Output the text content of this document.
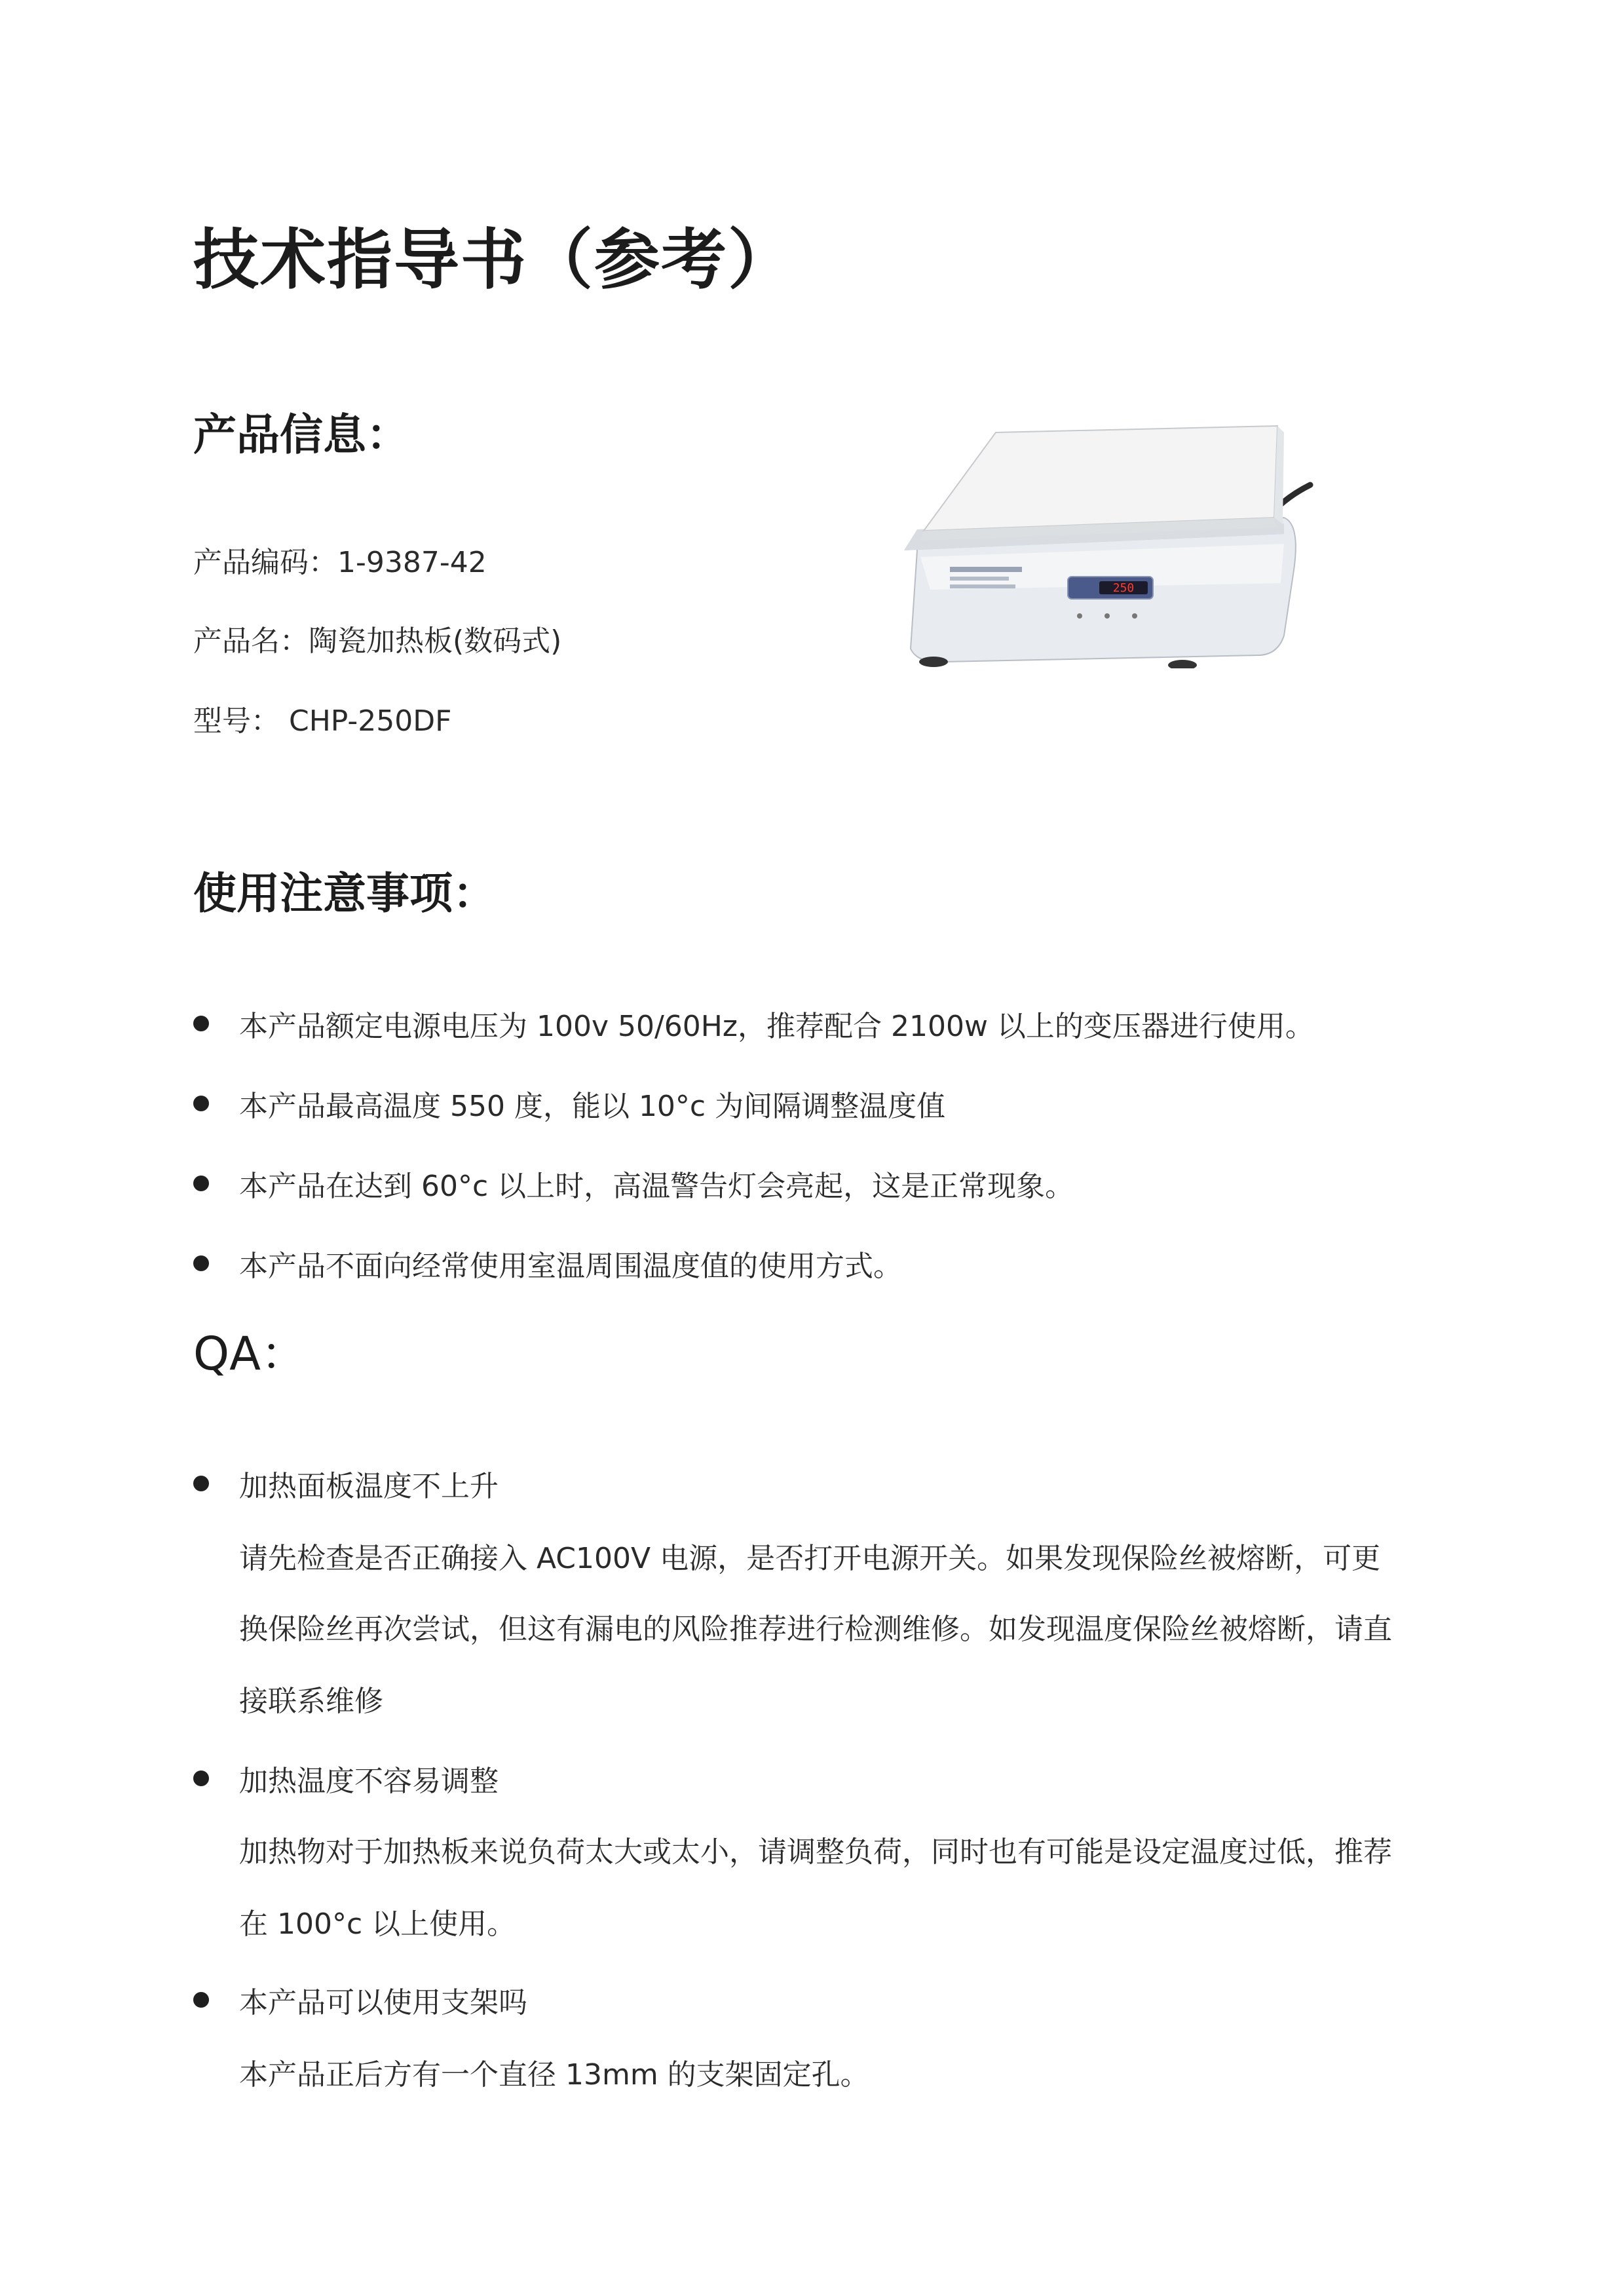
技术指导书（参考）
产品信息：
产品编码：1-9387-42
产品名：陶瓷加热板(数码式)
型号： CHP-250DF
250
使用注意事项：
本产品额定电源电压为 100v 50/60Hz，推荐配合 2100w 以上的变压器进行使用。
本产品最高温度 550 度，能以 10°c 为间隔调整温度值
本产品在达到 60°c 以上时，高温警告灯会亮起，这是正常现象。
本产品不面向经常使用室温周围温度值的使用方式。
QA：
加热面板温度不上升
请先检查是否正确接入 AC100V 电源，是否打开电源开关。如果发现保险丝被熔断，可更
换保险丝再次尝试，但这有漏电的风险推荐进行检测维修。如发现温度保险丝被熔断，请直
接联系维修
加热温度不容易调整
加热物对于加热板来说负荷太大或太小，请调整负荷，同时也有可能是设定温度过低，推荐
在 100°c 以上使用。
本产品可以使用支架吗
本产品正后方有一个直径 13mm 的支架固定孔。
